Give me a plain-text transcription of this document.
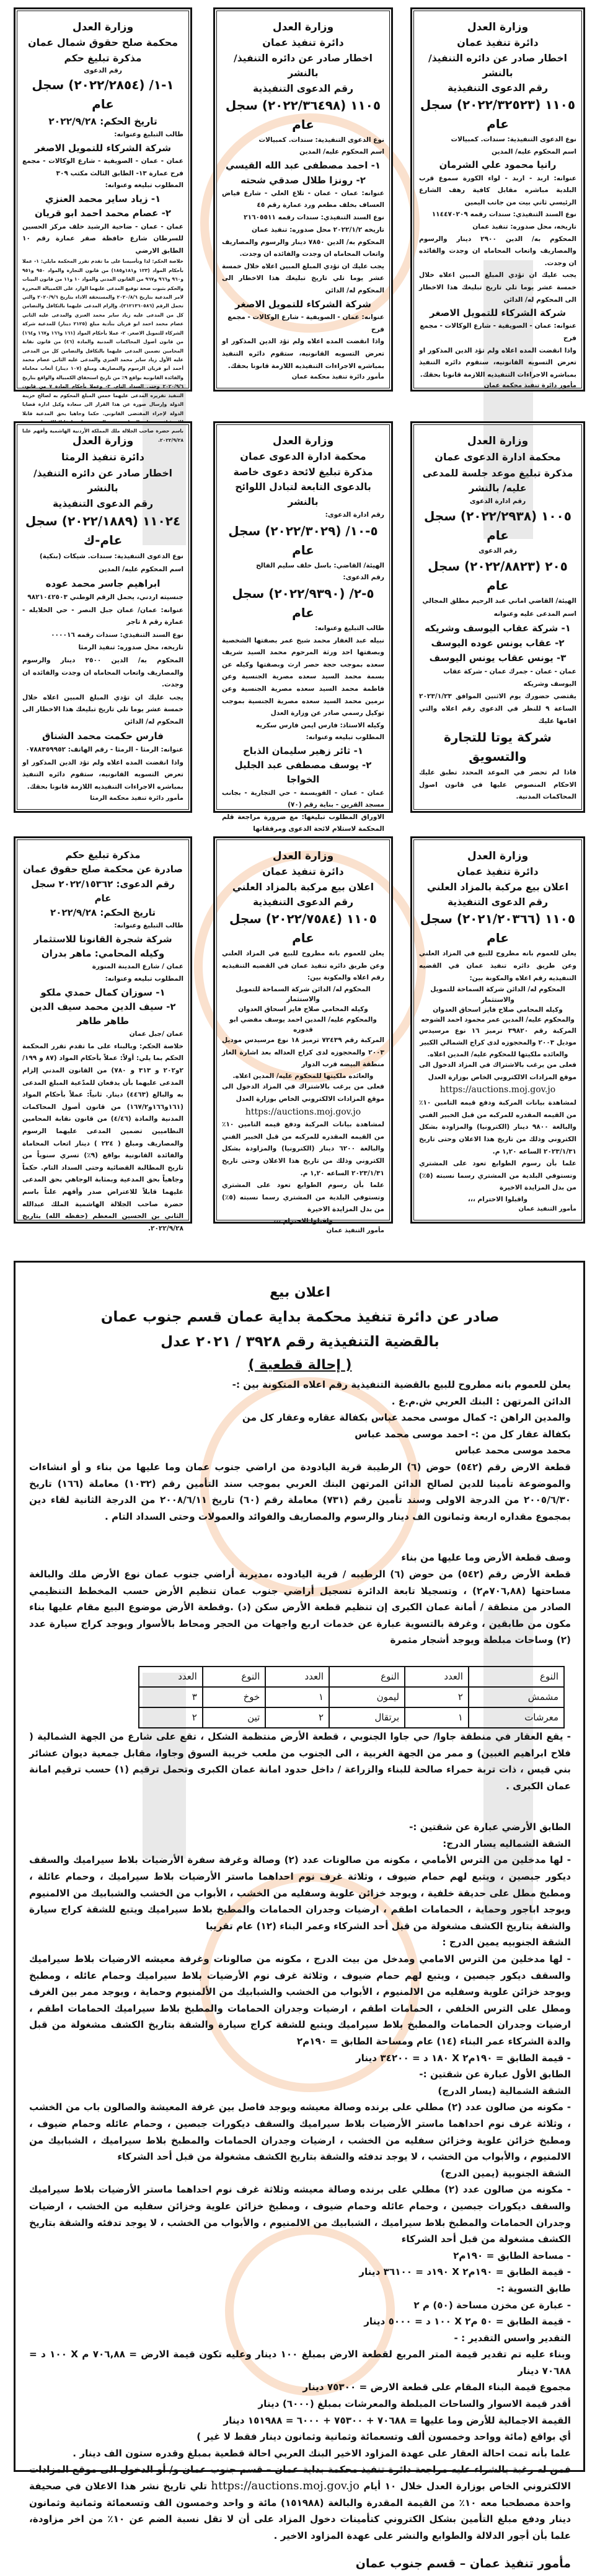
وزارة العدل
دائرة تنفيذ عمان
اخطار صادر عن دائره التنفيذ/ بالنشر
رقم الدعوى التنفيذية
١١٠٥ (٢٠٢٢/٣٢٥٢٣) سجل عام
نوع الدعوى التنفيذية: سندات. كمبيالات
اسم المحكوم عليه/ المدين
رانيا محمود علي الشرمان
عنوانه: اربد - اربد - لواء الكورة سموع قرب البلدية مباشره مقابل كافية رهف الشارع الرئيسي ثاني بيت من جانب اليمين
نوع السند التنفيذي: سندات رقمه ١١٤٤٧٠٢٠٩
تاريخه، محل صدوره: تنفيذ عمان
المحكوم به/ الدين ٢٩٠٠ دينار والرسوم والمصاريف واتعاب المحاماه ان وجدت والفائده ان وجدت.
يجب عليك ان تؤدي المبلغ المبين اعلاه خلال خمسة عشر يوما تلي تاريخ تبليغك هذا الاخطار الى المحكوم له/ الدائن
شركة الشركاء للتمويل الاصغر
عنوانه: عمان - الصويفية - شارع الوكالات - مجمع فرح
واذا انقضت المده اعلاه ولم تؤد الدين المذكور او تعرض التسويه القانونيه، ستقوم دائره التنفيذ بمباشره الاجراءات التنفيذيه اللازمة قانونا بحقك.
مأمور دائرة تنفيذ محكمة عمان
وزارة العدل
دائرة تنفيذ عمان
اخطار صادر عن دائره التنفيذ/ بالنشر
رقم الدعوى التنفيذية
١١٠٥ (٢٠٢٢/٣٦٤٩٨) سجل عام
نوع الدعوى التنفيذية: سندات. كمبيالات
اسم المحكوم عليه/ المدين
١- احمد مصطفى عبد الله القيسي
٢- رونزا طلال صدقي شحته
عنوانه: عمان - عمان - تلاع العلي - شارع فياض العساف بخلف مطعم ورد عمارة رقم ٤٥
نوع السند التنفيذي: سندات رقمه ٢١٦٠٥٥١١
تاريخه ٢٠٢٢/١/٢ محل صدوره: تنفيذ عمان
المحكوم به/ الدين ٧٨٥٠ دينار والرسوم والمصاريف واتعاب المحاماه ان وجدت والفائده ان وجدت.
يجب عليك ان تؤدي المبلغ المبين اعلاه خلال خمسة عشر يوما تلي تاريخ تبليغك هذا الاخطار الى المحكوم له/ الدائن
شركة الشركاء للتمويل الاصغر
عنوانه: عمان - الصويفية - شارع الوكالات - مجمع فرح
واذا انقضت المده اعلاه ولم تؤد الدين المذكور او تعرض التسويه القانونيه، ستقوم دائره التنفيذ بمباشره الاجراءات التنفيذيه اللازمة قانونا بحقك.
مأمور دائرة تنفيذ محكمة عمان
وزارة العدل
محكمة صلح حقوق شمال عمان
مذكرة تبليغ حكم
رقم الدعوى
١-١/ (٢٠٢٢/٢٨٥٤) سجل عام
تاريخ الحكم: ٢٠٢٢/٩/٢٨
طالب التبليغ وعنوانه:
شركة الشركاء للتمويل الاصغر
عمان - عمان - الصويفية - شارع الوكالات - مجمع فرح عمارة ١٣- الطابق الثالث مكتب ٣٠٩
المطلوب تبليغه وعنوانه:
١- زياد ساير محمد العنزي
٢- عصام محمد احمد ابو قريان
عمان - عمان - ضاحية الرشيد خلف مركز الحسين للسرطان شارع حافظة صقر عمارة رقم ١٠ الطابق الارضي
خلاصة الحكم: لذا وتأسيسا على ما تقدم تقرر المحكمة مايلي: ١- عملا بأحكام المواد (١٢٣ و١٨١و١٨٥) من قانون التجارة والمواد ٩٥٠ و٩٥١ و٩٦٠ و٩٦٦ و٩٦٧ من القانون المدني والمواد ١٠ و١١ من قانون البينات والحكم بثبوت صحة توقيع المدعى عليهما الوارد على الكمبيالة المحررة لامر المدعية بتاريخ ٢٠٢٠/٨/٦ والمستحقة الاداء بتاريخ ٢٠٢٠/٩/٦ والتي تحمل الرقم (٢١٢١٣٦٠٥٨٦)، وإلزام المدعى عليهما بالتكافل والتضامن كل من المدعى عليه زياد ساير محمد العنزي والمدعى عليه الثاني عصام محمد احمد ابو قريان بتأدية مبلغ (٢١٢٥ دينار) للمدعية شركة الشركاء للتمويل الاصغر. ٢- عملا بأحكام المواد (١٦١ و١٦٦ و١٦٧ و١٦٤) من قانون أصول المحاكمات المدنية والمادة (٤٦) من قانون نقابة المحامين تضمين المدعى عليهما بالتكافل والتضامن كل من المدعى عليه الأول زياد ساير محمد العنزي والمدعى عليه الثاني عصام محمد أحمد أبو قريان الرسوم والمصاريف ومبلغ (١٠٧ دينار) أتعاب محاماة والفائدة القانونية بواقع ٩٪ من تاريخ استحقاق الكمبيالة والواقع بتاريخ ٢٠٢٠/٩/٦ وحتى السداد التام. ٣- وعملا بأحكام المادة ٧ من قانون التنفيذ تقريره المدعى عليهما خمس المبلغ المحكوم به لصالح خزينة الدولة وإرسال صورة عن هذا القرار الى سعادة وكيل ادارة قضايا الدولة لإجراء المقتضى القانوني. حكما وجاهيا بحق المدعية قابلا للاستئناف وبمثابة الوجاهي بحق المدعى عليهما قابلا للاعتراض صدر باسم حضرة صاحب الجلالة ملك المملكة الأردنية الهاشمية وأفهم علنا ٢٠٢٢/٩/٢٨.	وزارة العدل
محكمة ادارة الدعوى عمان
مذكرة تبليغ موعد جلسة للمدعى عليه/ بالنشر
رقم ادارة الدعوى
١٠٠٥ (٢٠٢٢/٢٩٣٨) سجل عام
رقم الدعوى
٢٠٥ (٢٠٢٢/٨٨٢٣) سجل عام
الهيئة/ القاضي اماني عبد الرحيم مطلق المجالي
اسم المدعى عليه وعنوانه
١- شركة عقاب اليوسف وشريكه
٢- عقاب يونس عوده اليوسف
٣- يونس عقاب يونس اليوسف
عمان - عمان - جمرك عمان - شركة عقاب اليوسف وشريكه
يقتضي حضورك يوم الاثنين الموافق ٢٠٢٣/١/٢٣ الساعة ٩ للنظر في الدعوى رقم اعلاه والتي اقامها عليك
شركة يوتا للتجارة والتسويق
فاذا لم تحضر في الموعد المحدد تطبق عليك الاحكام المنصوص عليها في قانون اصول المحاكمات المدنية.
وزارة العدل
محكمة ادارة الدعوى عمان
مذكرة تبليغ لائحة دعوى خاصة
بالدعوى التابعة لتبادل اللوائح بالنشر
رقم ادارة الدعوى:
٥-١٠/ (٢٠٢٢/٣٠٢٩) سجل عام
الهيئة/ القاضي: باسل خلف سليم الفالح
رقم الدعوى:
٥-٢/ (٢٠٢٢/٩٣٩٠) سجل عام
طالب التبليغ وعنوانه:
نبيله عبد الغفار محمد شيخ عمر بصفتها الشخصية وبصفتها احد ورثة المرحوم محمد السيد شريف سعده بموجب حجة حصر ارث وبصفتها وكيله عن بسمة محمد السيد سعده مصرية الجنسية وعن فاطمة محمد السيد سعده مصرية الجنسية وعن نرمين محمد السيد سعده مصرية الجنسية بموجب توكيل رسمي صادر عن وزارة العدل
وكيله الاستاذ: فارس ايمن فارس سكريه
المطلوب تبليغه وعنوانه:
١- ثائر زهير سليمان الذباح
٢- يوسف مصطفى عبد الجليل الخواجا
عمان - عمان - القويسمة - حي التجارية - بجانب مسجد القرين - بناية رقم (٧٠)
الاوراق المطلوب تبليغها: مع ضرورة مراجعة قلم المحكمة لاستلام لائحة الدعوى ومرفقاتها
وزارة العدل
دائرة تنفيذ الرمثا
اخطار صادر عن دائره التنفيذ/ بالنشر
رقم الدعوى التنفيذية
١١٠٢٤ (٢٠٢٢/١٨٨٩) سجل عام-ك
نوع الدعوى التنفيذية: سندات. شيكات (بنكية)
اسم المحكوم عليه/ المدين
ابراهيم جاسر محمد عوده
جنسيته اردني، يحمل الرقم الوطني ٩٨٢١٠٤٢٥٠٣
عنوانه: عمان/ عمان جبل النصر - حي الخلايله - عمارة رقم ٨ تاجر
نوع السند التنفيذي: سندات رقمه ٠٠٠٠١٦
تاريخه، محل صدوره: تنفيذ الرمثا
المحكوم به/ الدين ٢٥٠٠ دينار والرسوم والمصاريف واتعاب المحاماه ان وجدت والفائده ان وجدت.
يجب عليك ان تؤدي المبلغ المبين اعلاه خلال خمسة عشر يوما تلي تاريخ تبليغك هذا الاخطار الى المحكوم له/ الدائن
فارس حكمت محمد الشناق
عنوانه: الرمثا - الرمثا - رقم الهاتف: ٠٧٨٨٣٥٩٩٥٢
واذا انقضت المده اعلاه ولم تؤد الدين المذكور او تعرض التسويه القانونيه، ستقوم دائره التنفيذ بمباشره الاجراءات التنفيذيه اللازمة قانونا بحقك.
مأمور دائرة تنفيذ محكمة الرمثا
وزارة العدل
دائرة تنفيذ عمان
اعلان بيع مركبة بالمزاد العلني
رقم الدعوى التنفيذية
١١٠٥ (٢٠٢١/٢٠٣٦٦) سجل عام
يعلن للعموم بانه مطروح للبيع في المزاد العلني وعن طريق دائره تنفيذ عمان في القضيه التنفيذيه رقم اعلاه والمكونة بين:
المحكوم له/ الدائن شركة السماحة للتمويل والاستثمار
وكيله المحامي صلاح فايز اسحاق العدوان
والمحكوم عليه/ المدين عمر محمود احمد الشوحه
المركبة رقم ٣٩٨٢٠ ترميز ١٦ نوع مرسيدس موديل ٢٠٠٣ والمحجوزه لدى كراج الشمالي الكبير
والعائده ملكيتها للمحكوم عليه/ المدين اعلاه.
فعلى من يرغب بالاشتراك في المزاد الدخول الى موقع المزادات الالكتروني الخاص بوزارة العدل
https://auctions.moj.gov.jo
لمشاهدة بيانات المركبة ودفع قيمه التامين ١٠٪ من القيمه المقدره للمركبه من قبل الخبير الفني والبالغة ٩٨٠٠ دينار (الكترونيا) والمزاودة بشكل الكتروني وذلك من تاريخ هذا الاعلان وحتى تاريخ ٢٠٢٣/١/٣١ الساعه ١,٢٠ م.
علما بأن رسوم الطوابع تعود على المشتري وتستوفي البلدية من المشتري رسما نسبته (٥٪) من بدل المزايدة الاخيرة
واقبلوا الاحترام ،،،
مأمور التنفيذ عمان
وزارة العدل
دائرة تنفيذ عمان
اعلان بيع مركبة بالمزاد العلني
رقم الدعوى التنفيذية
١١٠٥ (٢٠٢٢/٧٥٨٤) سجل عام
يعلن للعموم بانه مطروح للبيع في المزاد العلني وعن طريق دائره تنفيذ عمان في القضيه التنفيذيه رقم اعلاه والمكونة بين:
المحكوم له/ الدائن شركة السماحة للتمويل والاستثمار
وكيله المحامي صلاح فايز اسحاق العدوان
والمحكوم عليه/ المدين احمد يوسف مفضي ابو قدوره
المركبة رقم ٧٢٤٣٩ ترميز ١٨ نوع مرسيدس موديل ٢٠٠٣ والمحجوزه لدى كراج العداله بعد اشارة الغاز منطقة البيضه قرب الدوار
والعائده ملكيتها للمحكوم عليه/ المدين اعلاه.
فعلى من يرغب بالاشتراك في المزاد الدخول الى موقع المزادات الالكتروني الخاص بوزارة العدل
https://auctions.moj.gov.jo
لمشاهدة بيانات المركبة ودفع قيمه التامين ١٠٪ من القيمه المقدره للمركبه من قبل الخبير الفني والبالغة ٦٢٠٠ دينار (الكترونيا) والمزاودة بشكل الكتروني وذلك من تاريخ هذا الاعلان وحتى تاريخ ٢٠٢٣/١/٣١ الساعه ١,٢٠ م.
علما بأن رسوم الطوابع تعود على المشتري وتستوفي البلدية من المشتري رسما نسبته (٥٪) من بدل المزايدة الاخيرة
واقبلوا الاحترام ،،،
مأمور التنفيذ عمان
مذكرة تبليغ حكم
صادرة عن محكمة صلح حقوق عمان
رقم الدعوى: ٢٠٢٢/١٥٣٦٢ سجل عام
تاريخ الحكم: ٢٠٢٢/٩/٢٨
طالب التبليغ وعنوانه:
شركة شجرة القانونا للاستثمار
وكيله المحامي: ماهر بدران
عمان / شارع المدينة المنورة
المطلوب تبليغه وعنوانه:
١- سوزان كمال حمدي ملكو
٢- سيف الدين محمد سيف الدين طاهر طاهر
عمان /جبل عمان
خلاصة الحكم: وبالبناء على ما تقدم تقرر المحكمة الحكم بما يلي: أولاً: عملاً بأحكام المواد (٨٧ و ١٩٩/ ٢و٢٠٢ و ٣١٣ و ٧٨٠) من القانون المدني إلزام المدعى عليهما بأن يدفعان للمدّعية المبلغ المدعى به والبالغ (٤٤٦٣) دينار. ثانياً: عملاً بأحكام المواد (١٦١و١٦٦و١٦٧/٢) من قانون أصول المحاكمات المدنية والمادة (٤/٤٦) من قانون نقابة المحامين النظاميين تضمين المدعى عليهما الرسوم والمصاريف ومبلغ ( ٢٢٤ ) دينار اتعاب المحاماة والفائدة القانونية بواقع (٩٪) تسري سنوياً من تاريخ المطالبة القضائية وحتى السداد التام. حكماً وجاهياً بحق المدعية وبمثابة الوجاهي بحق المدعى عليهما قابلاً للاعتراض صدر وأفهم علناً باسم حضرة صاحب الجلالة الهاشمية الملك عبدالله الثاني بن الحسين المعظم (حفظه الله) بتاريخ ٢٠٢٢/٩/٢٨.
اعلان بيع
صادر عن دائرة تنفيذ محكمة بداية عمان قسم جنوب عمان
بالقضية التنفيذية رقم ٣٩٢٨ / ٢٠٢١ عدل
( إحالة قطعية )
يعلن للعموم بانه مطروح للبيع بالقضية التنفيذية رقم اعلاه المتكونة بين :-
الدائن المرتهن : البنك العربي ش.م.ع .
والمدين الراهن :- كمال موسى محمد عباس بكفالة عقاره وعقار كل من
بكفالة عقار كل من :- احمد موسى محمد عباس
محمد موسى محمد عباس
قطعة الارض رقم (٥٤٢) حوض (٦) الرطيبة قرية اليادودة من اراضي جنوب عمان وما عليها من بناء و أو انشاءات والموضوعة تأمينا للدين لصالح الدائن المرتهن البنك العربي بموجب سند التأمين رقم (١٠٣٢) معاملة (١٦٦) تاريخ ٢٠٠٥/٦/٣٠ من الدرجة الاولى وسند تأمين رقم (٧٣١) معاملة رقم (٦٠) تاريخ ٢٠٠٨/٦/١١ من الدرجة الثانية لقاء دين بمجموع مقداره اربعة وثمانون الف دينار والرسوم والمصاريف والفوائد والعمولات وحتى السداد التام .
وصف قطعة الأرض وما عليها من بناء
قطعة الأرض رقم (٥٤٢) من حوض (٦) الرطيبه / قرية اليادوده ،مديرية أراضي جنوب عمان نوع الأرض ملك والبالغة مساحتها (٧٠٦,٨٨م٢) ، وتسجيلا تابعة الدائرة تسجيل أراضي جنوب عمان تنظيم الأرض حسب المخطط التنظيمي الصادر من منطقة / أمانة عمان الكبرى إن تنظيم قطعة الأرض سكن (د) .وقطعة الأرض موضوع البيع مقام عليها بناء مكون من طابقين ، وغرفة بالتسوية عبارة عن خدمات اربع واجهات من الحجر ومحاط بالأسوار ويوجد كراج سيارة عدد (٢) وساحات مبلطة ويوجد أشجار مثمرة
النوع	العدد	النوع	العدد	النوع	العدد
مشمش	٢	ليمون	١	خوخ	٣
معرشات	١	برتقال	٢	تين	٢
- يقع العقار في منطقة جاوا/ حي جاوا الجنوبي ، قطعة الأرض منتظمة الشكل ، تقع على شارع من الجهة الشمالية ( فلاح ابراهيم الغبين) و ممر من الجهة الغربية ، الى الجنوب من ملعب خريبة السوق وجاوا، مقابل جمعية ديوان عشائر بني قيس ، ذات تربة حمراء صالحة للبناء والزراعة / داخل حدود امانة عمان الكبرى وتحمل ترقيم (١) حسب ترقيم امانة عمان الكبرى .
الطابق الأرضي عبارة عن شقتين :-
الشقة الشماليه يسار الدرج:
- لها مدخلين من الترس الأمامي ، مكونه من صالونات عدد (٢) وصالة وغرفة سفرة الأرضيات بلاط سيراميك والسقف ديكور جبصين ، ويتبع لهم حمام ضيوف ، وثلاثة غرف نوم احداهما ماستر الأرضيات بلاط سيراميك ، وحمام عائلة ، ومطبخ مطل على حديقة خلفية ، ويوجد خزائن علوية وسفليه من الخشب ، الأبواب من الخشب والشبابيك من الالمنيوم ويوجد اباجور وحماية ، الحمامات اطقم ، ارضيات وجدران الحمامات والمطبخ بلاط سيراميك ويتبع للشقة كراج سيارة والشقة بتاريخ الكشف مشغولة من قبل أحد الشركاء وعمر البناء (١٢) عام تقريبا
الشقة الجنوبيه يمين الدرج :
- لها مدخلين من الترس الامامي ومدخل من بيت الدرج ، مكونه من صالونات وغرفة معيشه الارضيات بلاط سيراميك والسقف ديكور جبصين ، ويتبع لهم حمام ضيوف ، وثلاثة غرف نوم الأرضيات بلاط سيراميك وحمام عائله ، ومطبخ ويوجد خزائن علوية وسفليه من الالمنيوم ، الأبواب من الخشب والشبابيك من الألمنيوم وحماية ، ويوجد ممر بين الغرف ومطل على الترس الخلفي ، الحمامات اطقم ، ارضيات وجدران الحمامات والمطبخ بلاط سيراميك الحمامات اطقم ، ارضيات وجدران الحمامات والمطبخ بلاط سيراميك ويتبع للشقة كراج سيارة والشقة بتاريخ الكشف مشغولة من قبل والدة الشركاء عمر البناء (١٤) عام ومساحة الطابق = ١٩٠م٢
- قيمة الطابق = ١٩٠م٢ X ١٨٠ د = ٣٤٢٠٠ دينار
الطابق الأول عبارة عن شقتين :-
الشقة الشمالية (يسار الدرج)
- مكونه من صالون عدد (٢) مطلي على برنده وصالة معيشه ويوجد فاصل بين غرفة المعيشة والصالون باب من الخشب ، وثلاثة غرف نوم احداهما ماستر الأرضيات بلاط سيراميك والسقف ديكورات جبصين ، وحمام عائله وحمام ضيوف ، ومطبخ خزائن علوية وخزائن سفليه من الخشب ، ارضيات وجدران الحمامات والمطبخ بلاط سيراميك ، الشبابيك من الالمنيوم ، والأبواب من الخشب ، لا يوجد تدفئه والشقة بتاريخ الكشف مشغولة من قبل أحد الشركاء
الشقة الجنوبية (يمين الدرج)
- مكونه من صالون عدد (٢) مطلي على برنده وصالة معيشه وثلاثة غرف نوم احداهما ماستر الأرضيات بلاط سيراميك والسقف ديكورات جبصين ، وحمام عائله وحمام ضيوف ، ومطبخ خزائن علوية وخزائن سفليه من الخشب ، ارضيات وجدران الحمامات والمطبخ بلاط سيراميك ، الشبابيك من الالمنيوم ، والأبواب من الخشب ، لا يوجد تدفئه والشقة بتاريخ الكشف مشغولة من قبل أحد الشركاء
- مساحة الطابق = ١٩٠م٢
- قيمة الطابق = ١٩٠م٢ X ١٩٠د = ٣٦١٠٠ دينار
طابق التسوية :-
- عبارة عن مخزن مساحة (٥٠) م ٢
- قيمة الطابق = ٥٠ م٢ X ١٠٠ د = ٥٠٠٠ دينار
التقدير واسس التقدير : -
وبناء عليه تم تقدير قيمة المتر المربع لقطعة الارض بمبلغ ١٠٠ دينار وعليه تكون قيمة الارض = ٧٠٦,٨٨ م X ١٠٠ د = ٧٠٦٨٨ دينار
مجموع قيمة البناء المقام على قطعة الارض = ٧٥٣٠٠ دينار
أقدر قيمة الاسوار والساحات المبلطة والمعرشات بمبلغ (٦٠٠٠) دينار
القيمة الاجمالية للأرض وما عليها = ٧٠٦٨٨ + ٧٥٣٠٠ + ٦٠٠٠ = ١٥١٩٨٨ دينار
أي بواقع (مائة وواحد وخمسون ألف وتسعمائة وثمانية وثمانون دينار فقط لا غير )
علما بأنه تمت احالة العقار على عهدة المزاود الاخير البنك العربي احالة قطعية بمبلغ وقدره ستون الف دينار .
فمن له رغبة بالشراء عليه مراجعة دائرة تنفيذ محكمة بداية عمان – قسم جنوب عمان و/ أو الدخول الى موقع المزادات الالكتروني الخاص بوزارة العدل خلال ١٠ أيام https://auctions.moj.gov.jo تلي تاريخ نشر هذا الاعلان في صحيفة واحدة مصطحبا معه ١٠٪ من القيمة المقدرة والبالغة (١٥١٩٨٨) مائة و واحد وخمسون الف وتسعمائة وثمانية وثمانون دينار ودفع مبلغ التأمين بشكل الكتروني كتأمينات دخول المزاد على أن لا تقل نسبة الضم عن ١٠٪ من اخر مزاودة، علما بأن أجور الدلالة والطوابع والنشر على عهدة المزاود الاخير .
مأمور تنفيذ عمان – قسم جنوب عمان
